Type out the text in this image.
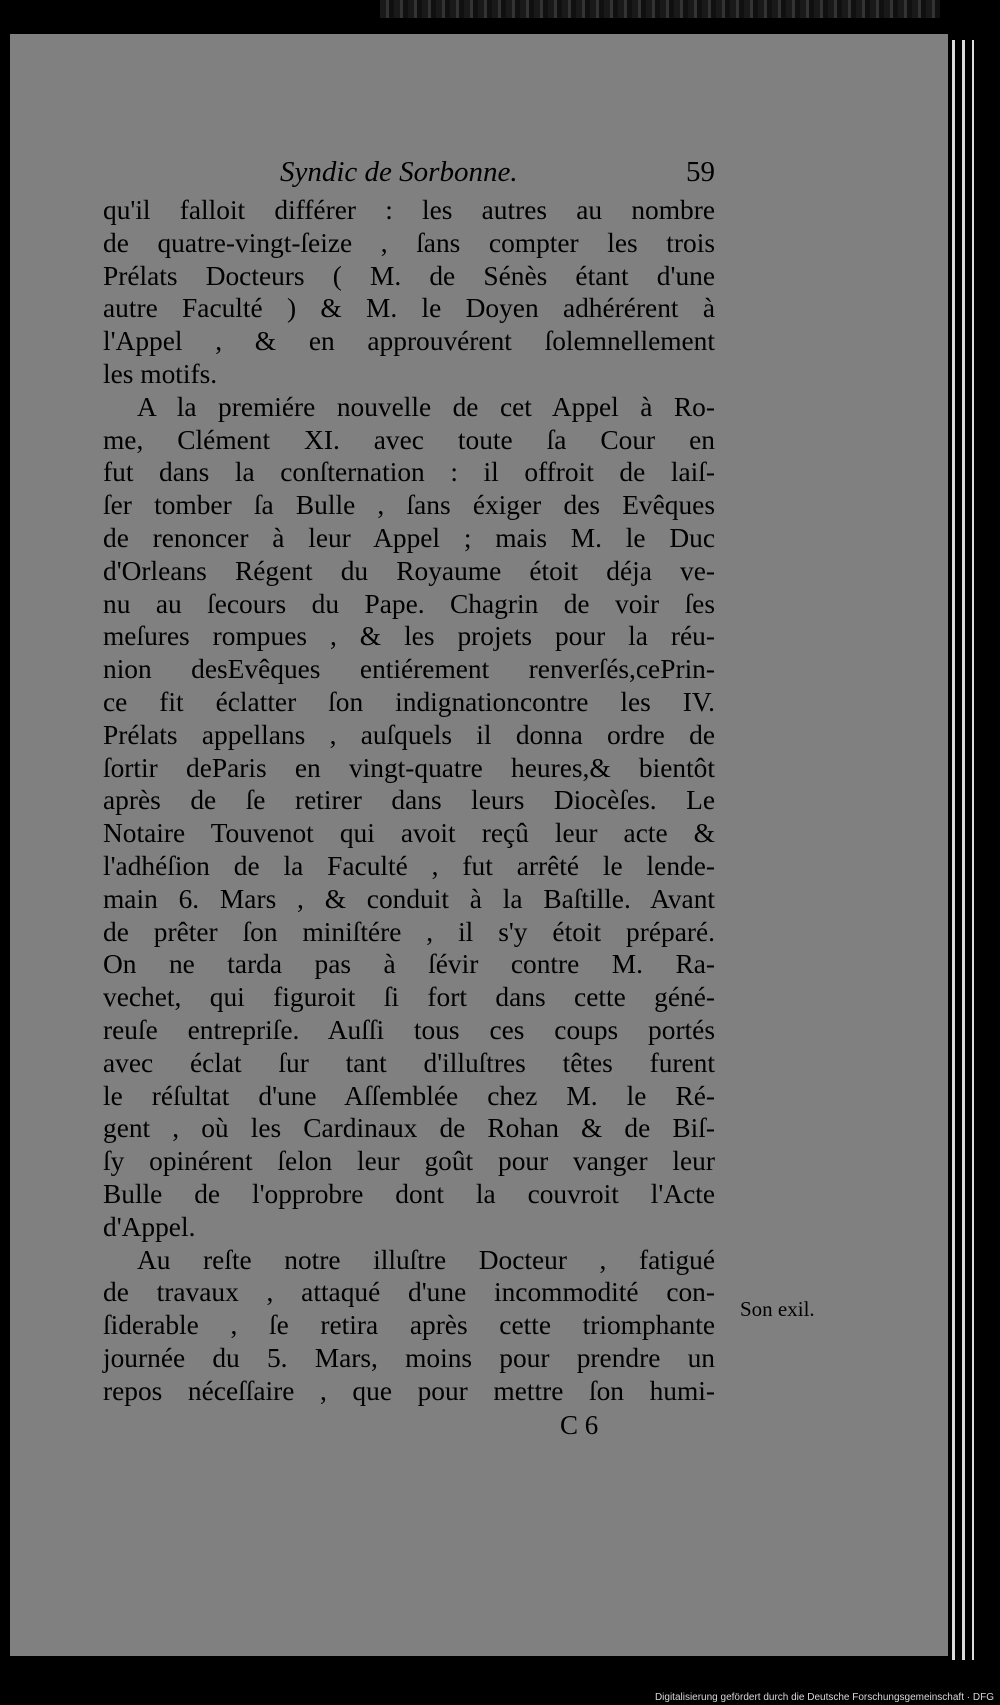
Syndic de Sorbonne.	59
qu'il falloit différer : les autres au nombre
de quatre-vingt-ſeize , ſans compter les trois
Prélats Docteurs ( M. de Sénès étant d'une
autre Faculté ) & M. le Doyen adhérérent à
l'Appel , & en approuvérent ſolemnellement
les motifs.
A la premiére nouvelle de cet Appel à Ro-
me, Clément XI. avec toute ſa Cour en
fut dans la conſternation : il offroit de laiſ-
ſer tomber ſa Bulle , ſans éxiger des Evêques
de renoncer à leur Appel ; mais M. le Duc
d'Orleans Régent du Royaume étoit déja ve-
nu au ſecours du Pape. Chagrin de voir ſes
meſures rompues , & les projets pour la réu-
nion desEvêques entiérement renverſés,cePrin-
ce fit éclatter ſon indignationcontre les IV.
Prélats appellans , auſquels il donna ordre de
ſortir deParis en vingt-quatre heures,& bientôt
après de ſe retirer dans leurs Diocèſes. Le
Notaire Touvenot qui avoit reçû leur acte &
l'adhéſion de la Faculté , fut arrêté le lende-
main 6. Mars , & conduit à la Baſtille. Avant
de prêter ſon miniſtére , il s'y étoit préparé.
On ne tarda pas à ſévir contre M. Ra-
vechet, qui figuroit ſi fort dans cette géné-
reuſe entrepriſe. Auſſi tous ces coups portés
avec éclat ſur tant d'illuſtres têtes furent
le réſultat d'une Aſſemblée chez M. le Ré-
gent , où les Cardinaux de Rohan & de Biſ-
ſy opinérent ſelon leur goût pour vanger leur
Bulle de l'opprobre dont la couvroit l'Acte
d'Appel.
Au reſte notre illuſtre Docteur , fatigué
de travaux , attaqué d'une incommodité con-
ſiderable , ſe retira après cette triomphante
journée du 5. Mars, moins pour prendre un
repos néceſſaire , que pour mettre ſon humi-
C 6
Son exil.
Digitalisierung gefördert durch die Deutsche Forschungsgemeinschaft · DFG
